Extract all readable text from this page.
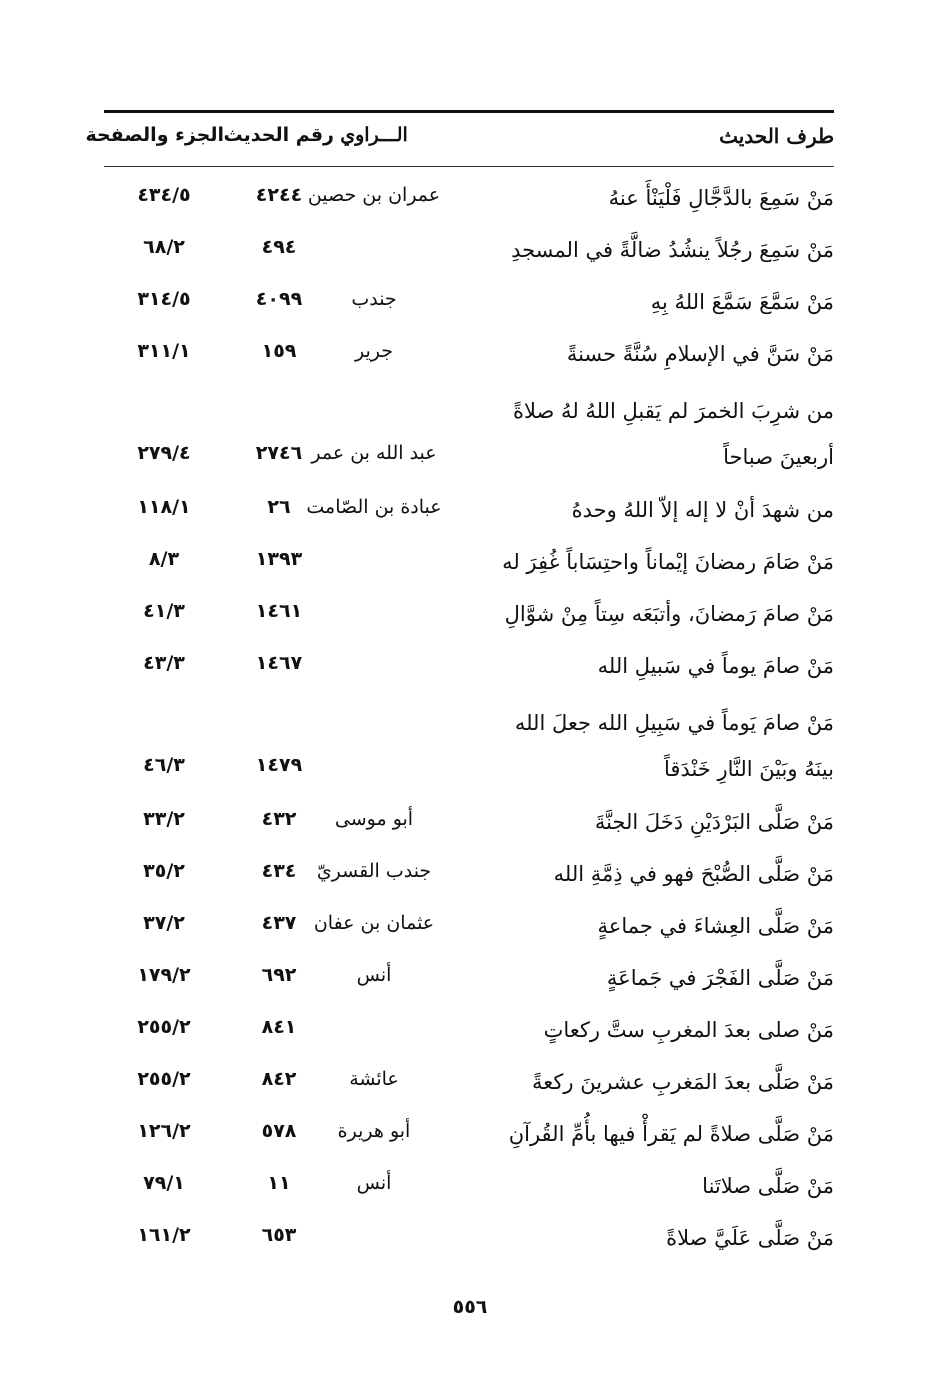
طرف الحديث
الـــراوي
رقم الحديث
الجزء والصفحة
مَنْ سَمِعَ بالدَّجَّالِ فَلْيَنْأَ عنهُ
عمران بن حصين
٤٢٤٤
٤٣٤/٥
مَنْ سَمِعَ رجُلاً ينشُدُ ضالَّةً في المسجدِ
٤٩٤
٦٨/٢
مَنْ سَمَّعَ سَمَّعَ اللهُ بِهِ
جندب
٤٠٩٩
٣١٤/٥
مَنْ سَنَّ في الإسلامِ سُنَّةً حسنةً
جرير
١٥٩
٣١١/١
من شرِبَ الخمرَ لم يَقبلِ اللهُ لهُ صلاةً أربعينَ صباحاً
عبد الله بن عمر
٢٧٤٦
٢٧٩/٤
من شهدَ أنْ لا إله إلاّ اللهُ وحدهُ
عبادة بن الصّامت
٢٦
١١٨/١
مَنْ صَامَ رمضانَ إيْماناً واحتِسَاباً غُفِرَ له
١٣٩٣
٨/٣
مَنْ صامَ رَمضانَ، وأتبَعَه سِتاً مِنْ شوَّالِ
١٤٦١
٤١/٣
مَنْ صامَ يوماً في سَبيلِ الله
١٤٦٧
٤٣/٣
مَنْ صامَ يَوماً في سَبِيلِ الله جعلَ الله بينَهُ وبَيْنَ النَّارِ خَنْدَقاً
١٤٧٩
٤٦/٣
مَنْ صَلَّى البَرْدَيْنِ دَخَلَ الجنَّةَ
أبو موسى
٤٣٢
٣٣/٢
مَنْ صَلَّى الصُّبْحَ فهو في ذِمَّةِ الله
جندب القسريّ
٤٣٤
٣٥/٢
مَنْ صَلَّى العِشاءَ في جماعةٍ
عثمان بن عفان
٤٣٧
٣٧/٢
مَنْ صَلَّى الفَجْرَ في جَماعَةٍ
أنس
٦٩٢
١٧٩/٢
مَنْ صلى بعدَ المغربِ ستَّ ركعاتٍ
٨٤١
٢٥٥/٢
مَنْ صَلَّى بعدَ المَغربِ عشرينَ ركعةً
عائشة
٨٤٢
٢٥٥/٢
مَنْ صَلَّى صلاةً لم يَقرأْ فيها بأُمِّ القُرآنِ
أبو هريرة
٥٧٨
١٢٦/٢
مَنْ صَلَّى صلاتَنا
أنس
١١
٧٩/١
مَنْ صَلَّى عَلَيَّ صلاةً
٦٥٣
١٦١/٢
٥٥٦
